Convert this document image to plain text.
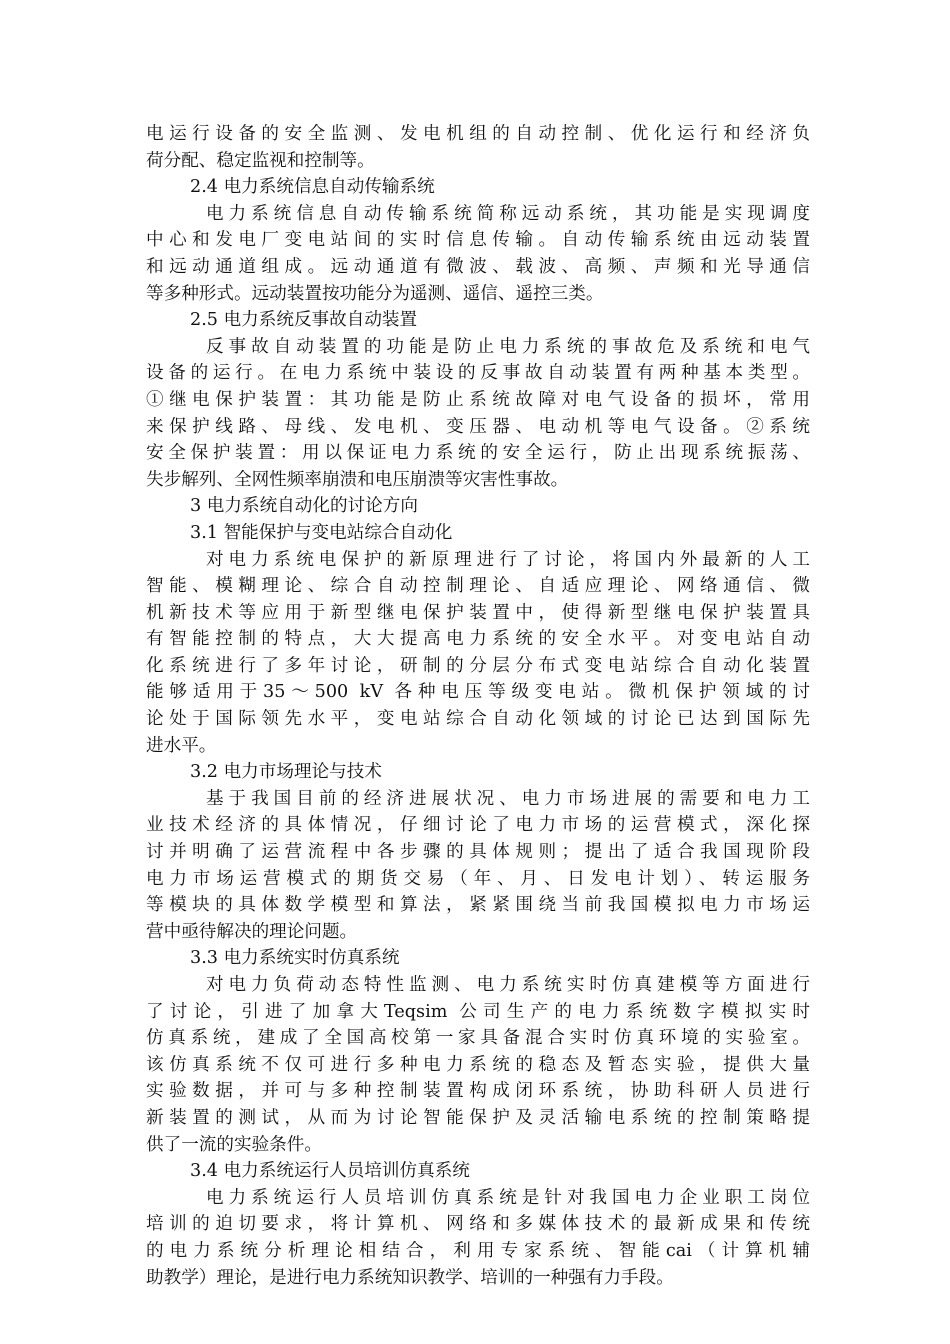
电运行设备的安全监测、发电机组的自动控制、优化运行和经济负
荷分配、稳定监视和控制等。
2.4 电力系统信息自动传输系统
电力系统信息自动传输系统简称远动系统，其功能是实现调度
中心和发电厂变电站间的实时信息传输。自动传输系统由远动装置
和远动通道组成。远动通道有微波、载波、高频、声频和光导通信
等多种形式。远动装置按功能分为遥测、遥信、遥控三类。
2.5 电力系统反事故自动装置
反事故自动装置的功能是防止电力系统的事故危及系统和电气
设备的运行。在电力系统中装设的反事故自动装置有两种基本类型。
①继电保护装置：其功能是防止系统故障对电气设备的损坏，常用
来保护线路、母线、发电机、变压器、电动机等电气设备。②系统
安全保护装置：用以保证电力系统的安全运行，防止出现系统振荡、
失步解列、全网性频率崩溃和电压崩溃等灾害性事故。
3 电力系统自动化的讨论方向
3.1 智能保护与变电站综合自动化
对电力系统电保护的新原理进行了讨论，将国内外最新的人工
智能、模糊理论、综合自动控制理论、自适应理论、网络通信、微
机新技术等应用于新型继电保护装置中，使得新型继电保护装置具
有智能控制的特点，大大提高电力系统的安全水平。对变电站自动
化系统进行了多年讨论，研制的分层分布式变电站综合自动化装置
能够适用于35～500 kV 各种电压等级变电站。微机保护领域的讨
论处于国际领先水平，变电站综合自动化领域的讨论已达到国际先
进水平。
3.2 电力市场理论与技术
基于我国目前的经济进展状况、电力市场进展的需要和电力工
业技术经济的具体情况，仔细讨论了电力市场的运营模式，深化探
讨并明确了运营流程中各步骤的具体规则；提出了适合我国现阶段
电力市场运营模式的期货交易（年、月、日发电计划）、转运服务
等模块的具体数学模型和算法，紧紧围绕当前我国模拟电力市场运
营中亟待解决的理论问题。
3.3 电力系统实时仿真系统
对电力负荷动态特性监测、电力系统实时仿真建模等方面进行
了讨论，引进了加拿大Teqsim 公司生产的电力系统数字模拟实时
仿真系统，建成了全国高校第一家具备混合实时仿真环境的实验室。
该仿真系统不仅可进行多种电力系统的稳态及暂态实验，提供大量
实验数据，并可与多种控制装置构成闭环系统，协助科研人员进行
新装置的测试，从而为讨论智能保护及灵活输电系统的控制策略提
供了一流的实验条件。
3.4 电力系统运行人员培训仿真系统
电力系统运行人员培训仿真系统是针对我国电力企业职工岗位
培训的迫切要求，将计算机、网络和多媒体技术的最新成果和传统
的电力系统分析理论相结合，利用专家系统、智能cai（计算机辅
助教学）理论，是进行电力系统知识教学、培训的一种强有力手段。
